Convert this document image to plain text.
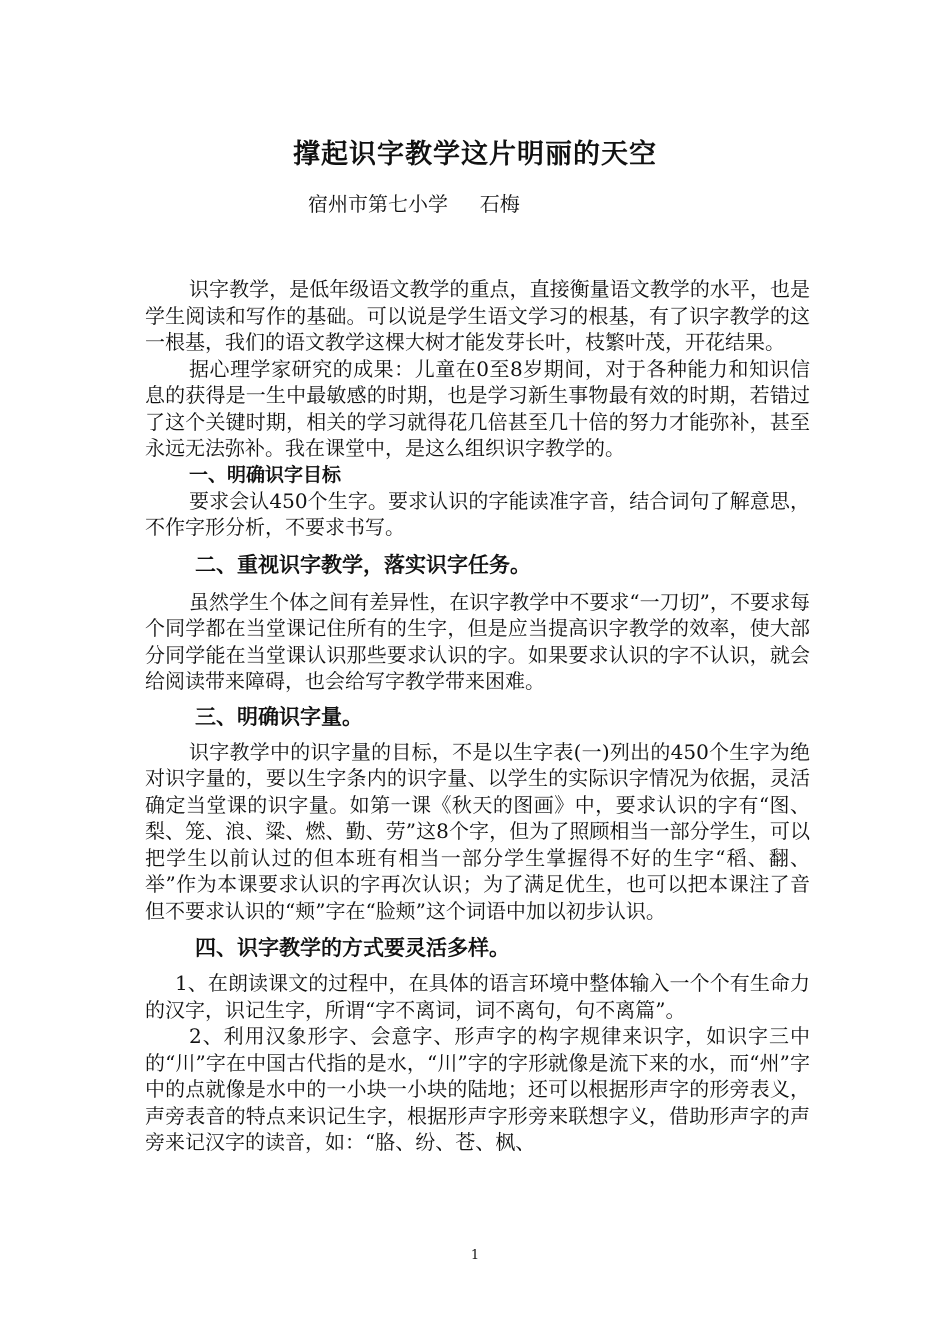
撑起识字教学这片明丽的天空
宿州市第七小学     石梅

识字教学，是低年级语文教学的重点，直接衡量语文教学的水平，也是学生阅读和写作的基础。可以说是学生语文学习的根基，有了识字教学的这一根基，我们的语文教学这棵大树才能发芽长叶，枝繁叶茂，开花结果。

据心理学家研究的成果：儿童在0至8岁期间，对于各种能力和知识信息的获得是一生中最敏感的时期，也是学习新生事物最有效的时期，若错过了这个关键时期，相关的学习就得花几倍甚至几十倍的努力才能弥补，甚至永远无法弥补。我在课堂中，是这么组织识字教学的。

一、明确识字目标

要求会认450个生字。要求认识的字能读准字音，结合词句了解意思，不作字形分析，不要求书写。

二、重视识字教学，落实识字任务。

虽然学生个体之间有差异性，在识字教学中不要求“一刀切”，不要求每个同学都在当堂课记住所有的生字，但是应当提高识字教学的效率，使大部分同学能在当堂课认识那些要求认识的字。如果要求认识的字不认识，就会给阅读带来障碍，也会给写字教学带来困难。

三、明确识字量。

识字教学中的识字量的目标，不是以生字表(一)列出的450个生字为绝对识字量的，要以生字条内的识字量、以学生的实际识字情况为依据，灵活确定当堂课的识字量。如第一课《秋天的图画》中，要求认识的字有“图、梨、笼、浪、粱、燃、勤、劳”这8个字，但为了照顾相当一部分学生，可以把学生以前认过的但本班有相当一部分学生掌握得不好的生字“稻、翻、举”作为本课要求认识的字再次认识；为了满足优生，也可以把本课注了音但不要求认识的“颊”字在“脸颊”这个词语中加以初步认识。

四、识字教学的方式要灵活多样。

1、在朗读课文的过程中，在具体的语言环境中整体输入一个个有生命力的汉字，识记生字，所谓“字不离词，词不离句，句不离篇”。

2、利用汉象形字、会意字、形声字的构字规律来识字，如识字三中的“川”字在中国古代指的是水，“川”字的字形就像是流下来的水，而“州”字中的点就像是水中的一小块一小块的陆地；还可以根据形声字的形旁表义，声旁表音的特点来识记生字，根据形声字形旁来联想字义，借助形声字的声旁来记汉字的读音，如：“胳、纷、苍、枫、

1
